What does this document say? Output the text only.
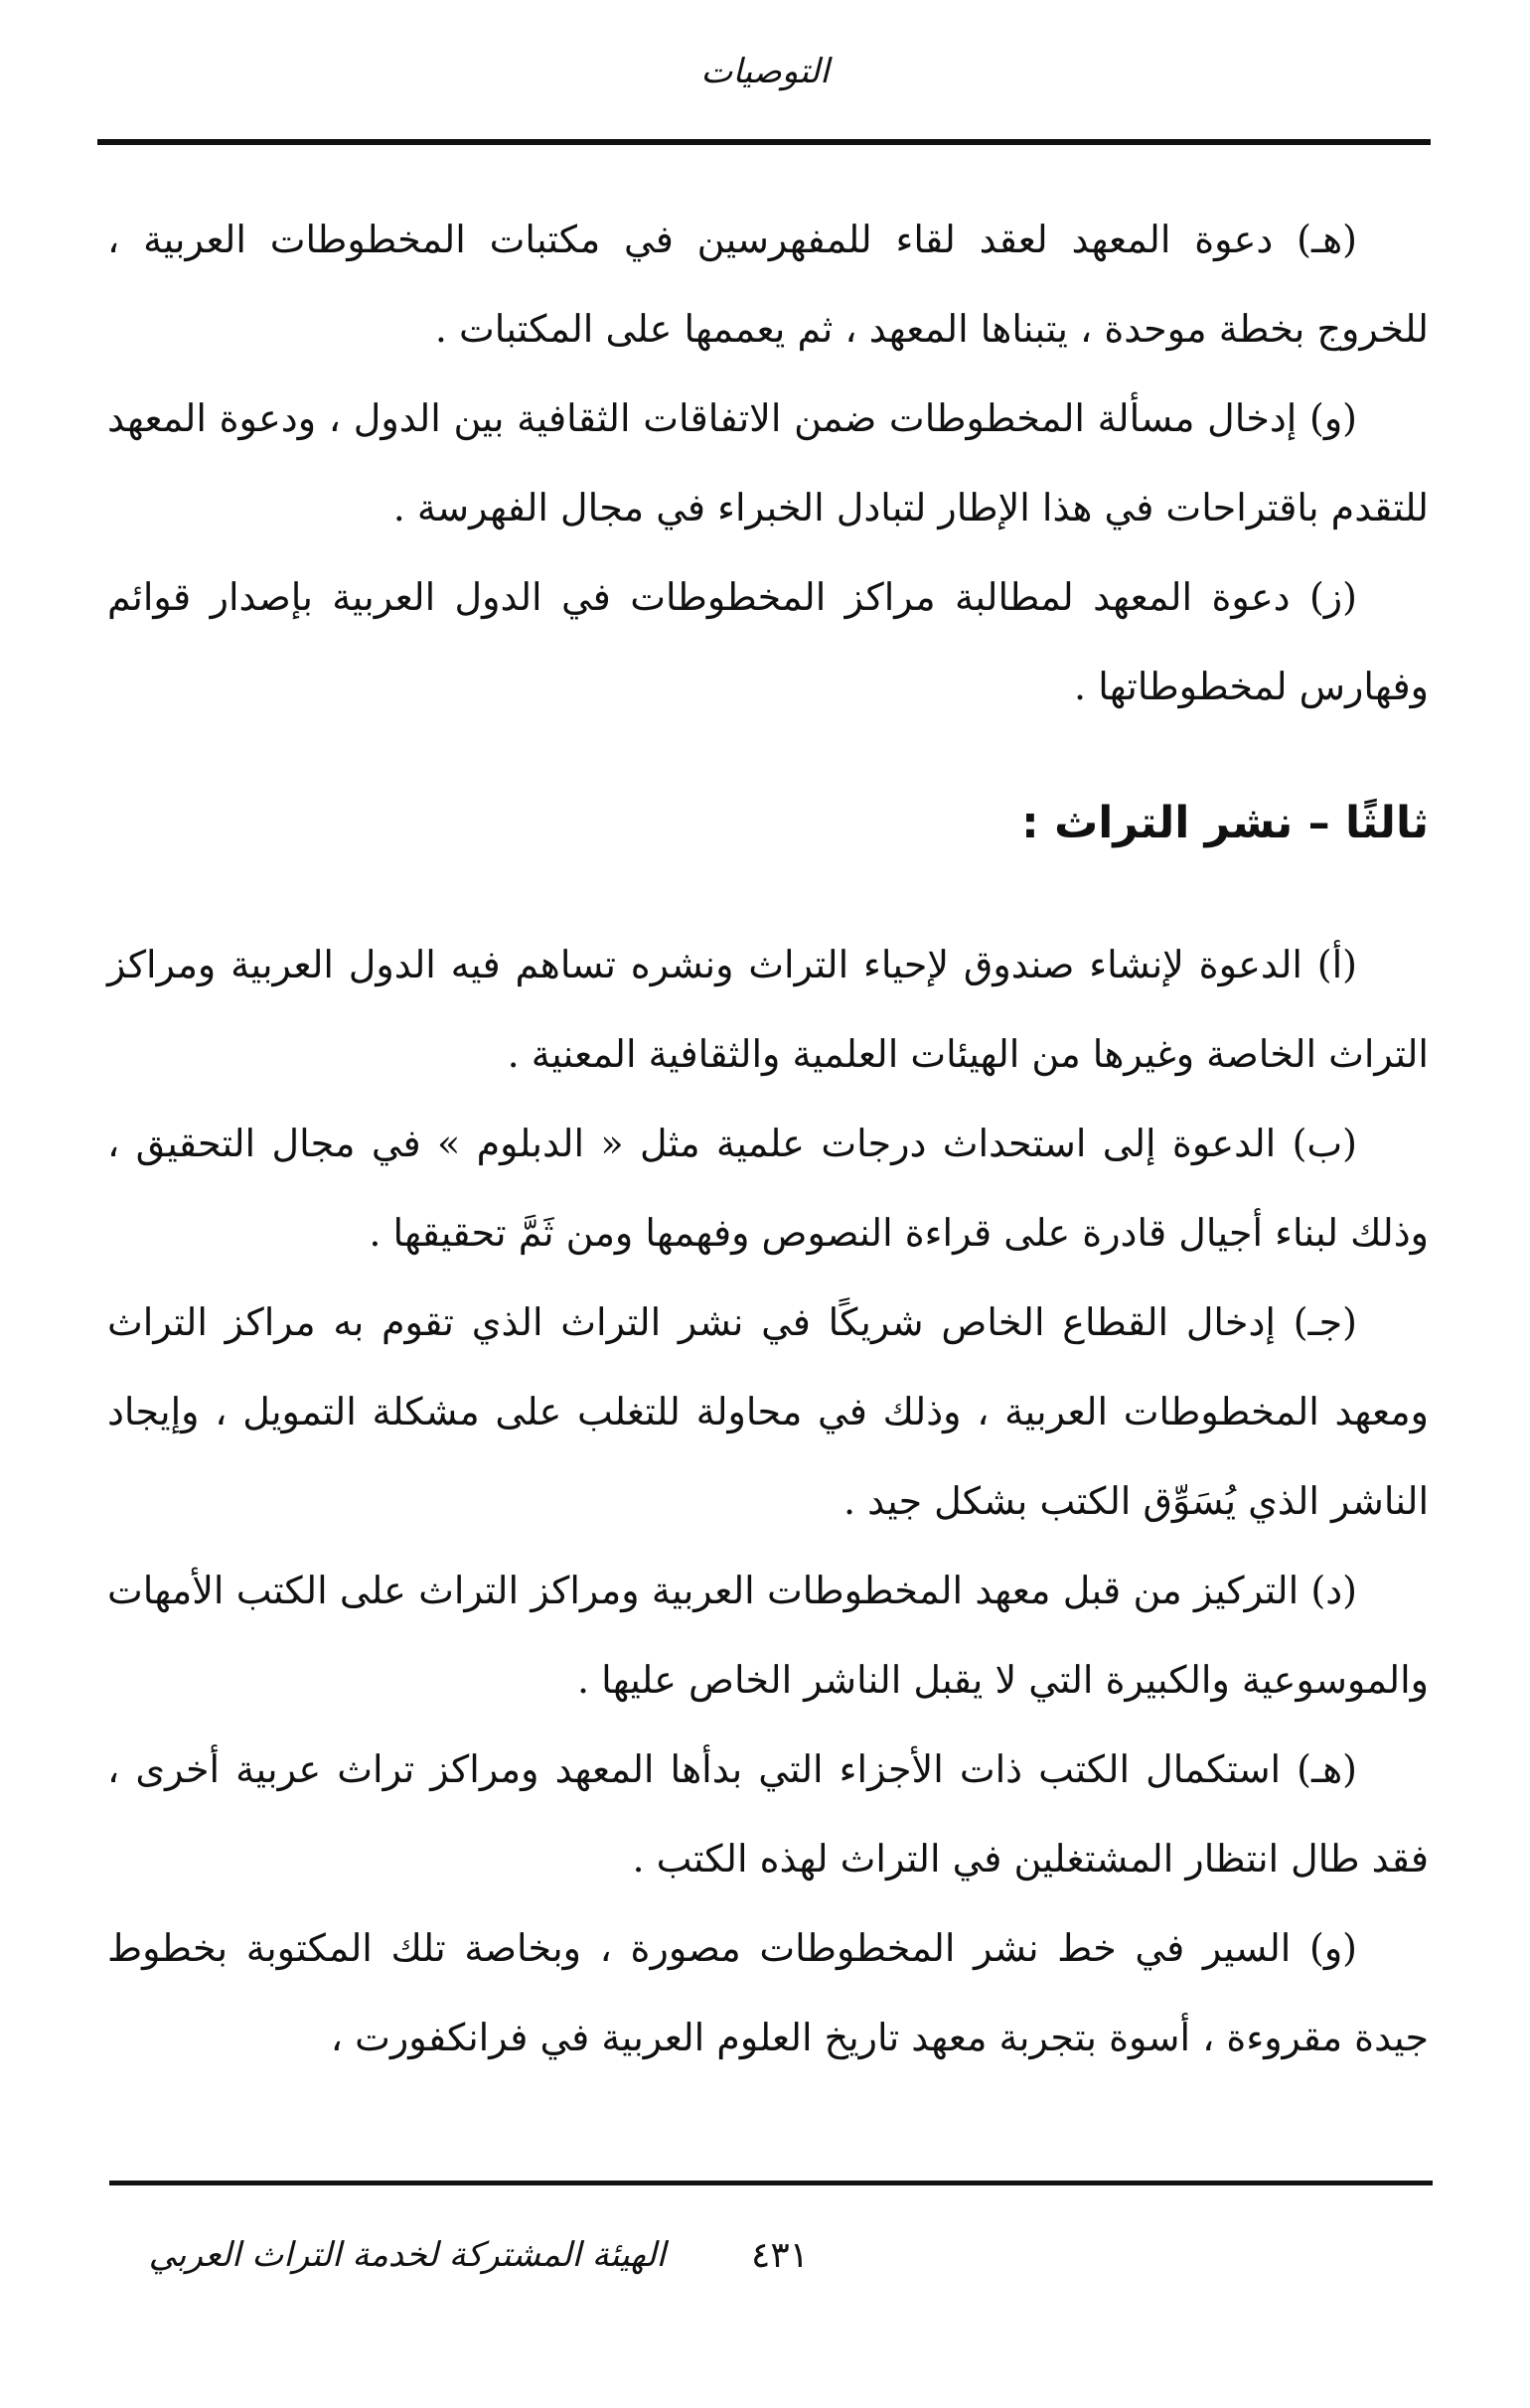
التوصيات

(هـ) دعوة المعهد لعقد لقاء للمفهرسين في مكتبات المخطوطات العربية ، للخروج بخطة موحدة ، يتبناها المعهد ، ثم يعممها على المكتبات .

(و) إدخال مسألة المخطوطات ضمن الاتفاقات الثقافية بين الدول ، ودعوة المعهد للتقدم باقتراحات في هذا الإطار لتبادل الخبراء في مجال الفهرسة .

(ز) دعوة المعهد لمطالبة مراكز المخطوطات في الدول العربية بإصدار قوائم وفهارس لمخطوطاتها .

ثالثًا – نشر التراث :

(أ) الدعوة لإنشاء صندوق لإحياء التراث ونشره تساهم فيه الدول العربية ومراكز التراث الخاصة وغيرها من الهيئات العلمية والثقافية المعنية .

(ب) الدعوة إلى استحداث درجات علمية مثل « الدبلوم » في مجال التحقيق ، وذلك لبناء أجيال قادرة على قراءة النصوص وفهمها ومن ثَمَّ تحقيقها .

(جـ) إدخال القطاع الخاص شريكًا في نشر التراث الذي تقوم به مراكز التراث ومعهد المخطوطات العربية ، وذلك في محاولة للتغلب على مشكلة التمويل ، وإيجاد الناشر الذي يُسَوِّق الكتب بشكل جيد .

(د) التركيز من قبل معهد المخطوطات العربية ومراكز التراث على الكتب الأمهات والموسوعية والكبيرة التي لا يقبل الناشر الخاص عليها .

(هـ) استكمال الكتب ذات الأجزاء التي بدأها المعهد ومراكز تراث عربية أخرى ، فقد طال انتظار المشتغلين في التراث لهذه الكتب .

(و) السير في خط نشر المخطوطات مصورة ، وبخاصة تلك المكتوبة بخطوط جيدة مقروءة ، أسوة بتجربة معهد تاريخ العلوم العربية في فرانكفورت ،

الهيئة المشتركة لخدمة التراث العربي	٤٣١
